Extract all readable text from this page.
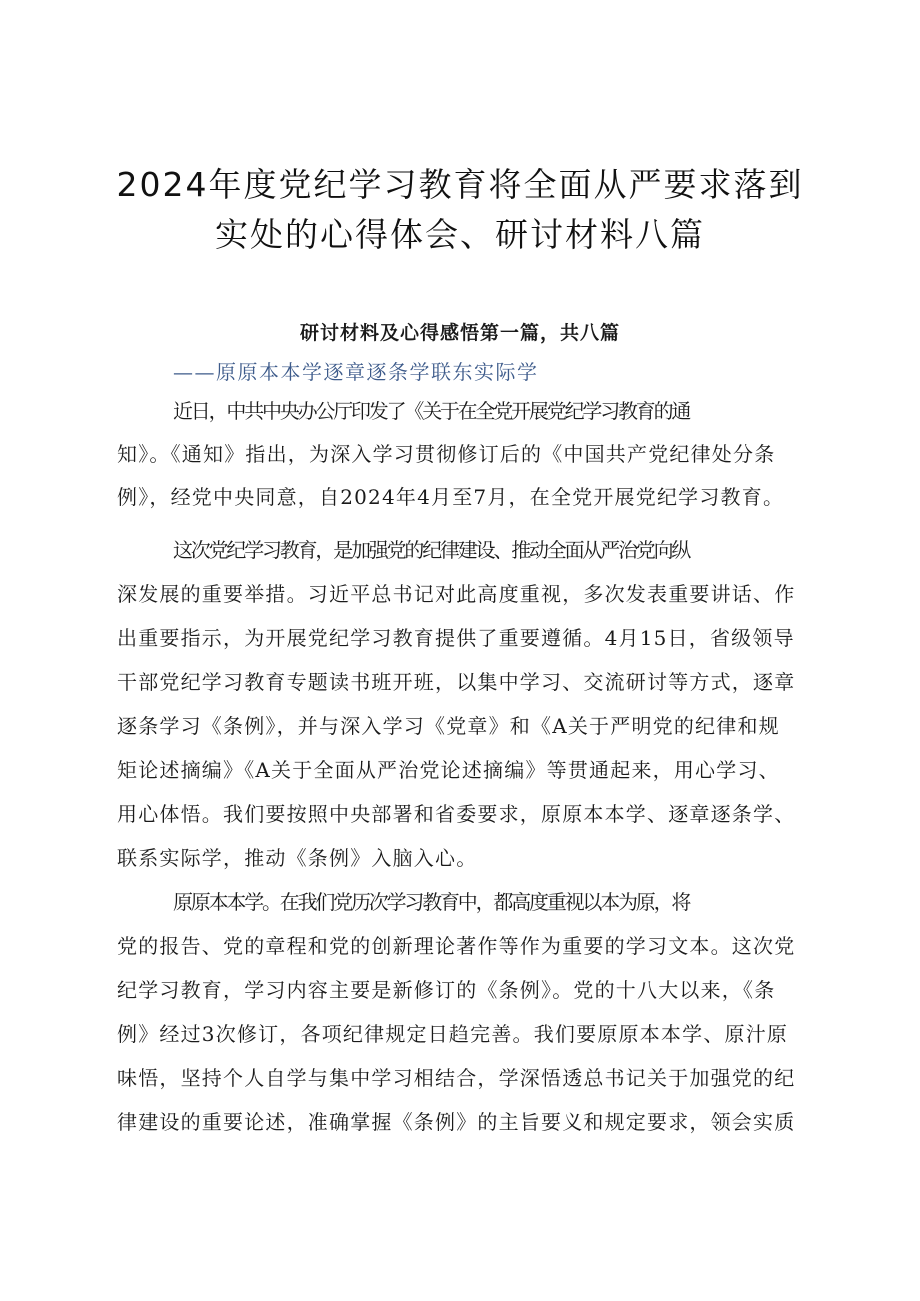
2024年度党纪学习教育将全面从严要求落到
实处的心得体会、研讨材料八篇

研讨材料及心得感悟第一篇，共八篇

——原原本本学逐章逐条学联东实际学

近日，中共中央办公厅印发了《关于在全党开展党纪学习教育的通

知》。《通知》指出，为深入学习贯彻修订后的《中国共产党纪律处分条

例》，经党中央同意，自2024年4月至7月，在全党开展党纪学习教育。

这次党纪学习教育，是加强党的纪律建设、推动全面从严治党向纵

深发展的重要举措。习近平总书记对此高度重视，多次发表重要讲话、作

出重要指示，为开展党纪学习教育提供了重要遵循。4月15日，省级领导

干部党纪学习教育专题读书班开班，以集中学习、交流研讨等方式，逐章

逐条学习《条例》，并与深入学习《党章》和《A关于严明党的纪律和规

矩论述摘编》《A关于全面从严治党论述摘编》等贯通起来，用心学习、

用心体悟。我们要按照中央部署和省委要求，原原本本学、逐章逐条学、

联系实际学，推动《条例》入脑入心。

原原本本学。在我们党历次学习教育中，都高度重视以本为原，将

党的报告、党的章程和党的创新理论著作等作为重要的学习文本。这次党

纪学习教育，学习内容主要是新修订的《条例》。党的十八大以来，《条

例》经过3次修订，各项纪律规定日趋完善。我们要原原本本学、原汁原

味悟，坚持个人自学与集中学习相结合，学深悟透总书记关于加强党的纪

律建设的重要论述，准确掌握《条例》的主旨要义和规定要求，领会实质
